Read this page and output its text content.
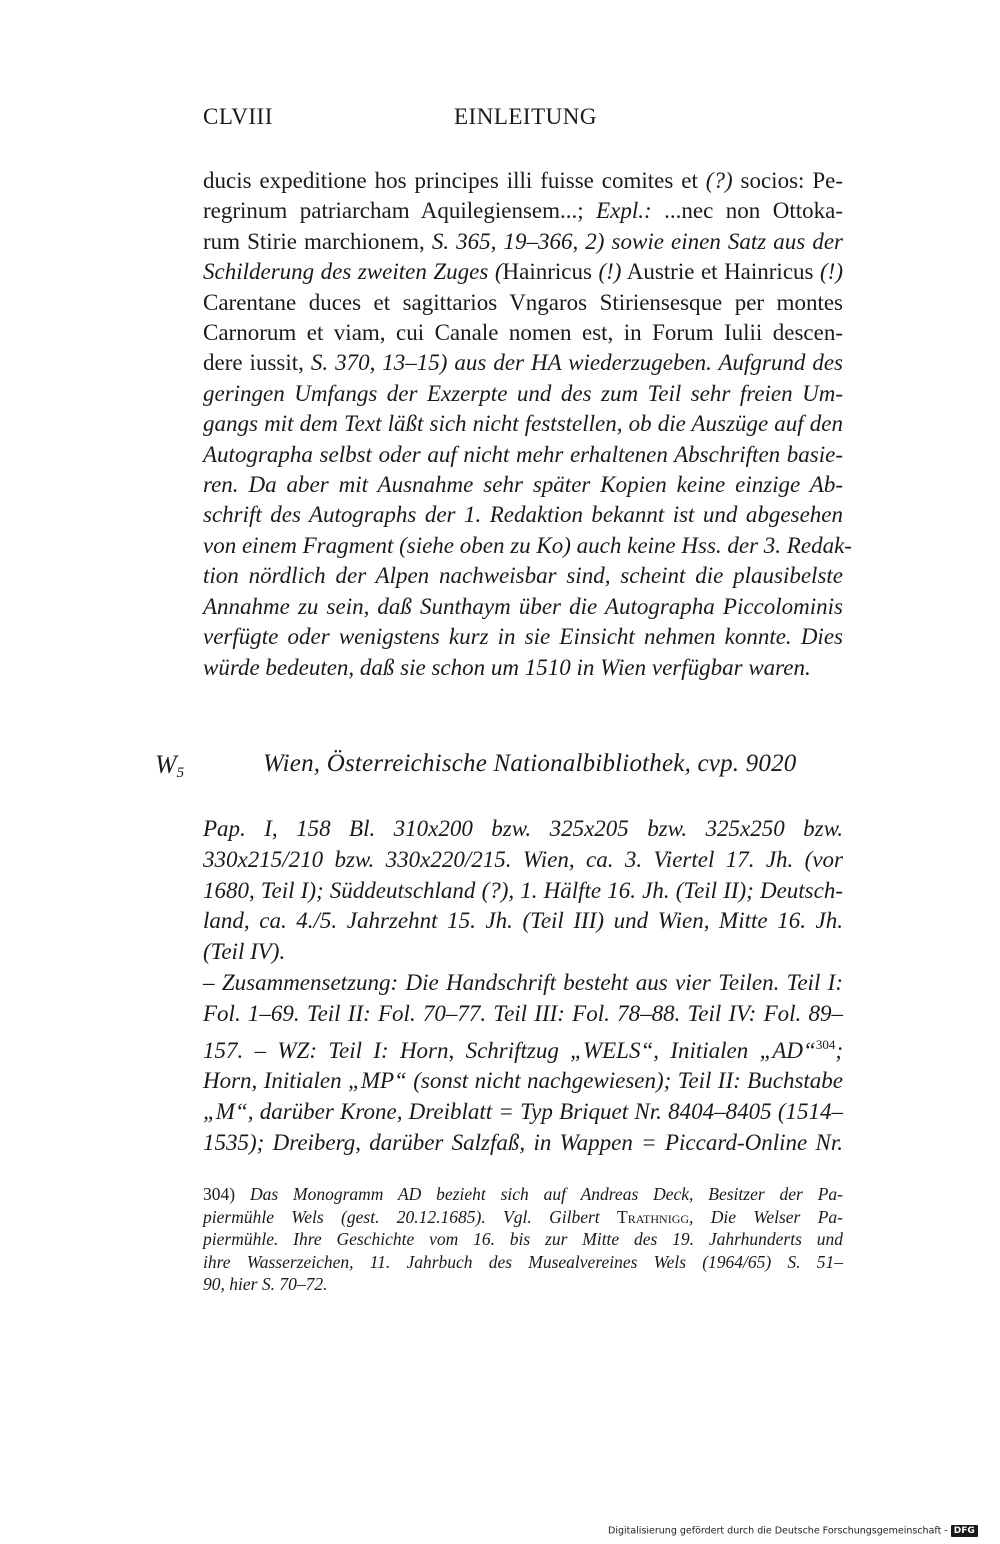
CLVIII	EINLEITUNG
ducis expeditione hos principes illi fuisse comites et (?) socios: Pe-
regrinum patriarcham Aquilegiensem...; Expl.: ...nec non Ottoka-
rum Stirie marchionem, S. 365, 19–366, 2) sowie einen Satz aus der
Schilderung des zweiten Zuges (Hainricus (!) Austrie et Hainricus (!)
Carentane duces et sagittarios Vngaros Stiriensesque per montes
Carnorum et viam, cui Canale nomen est, in Forum Iulii descen-
dere iussit, S. 370, 13–15) aus der HA wiederzugeben. Aufgrund des
geringen Umfangs der Exzerpte und des zum Teil sehr freien Um-
gangs mit dem Text läßt sich nicht feststellen, ob die Auszüge auf den
Autographa selbst oder auf nicht mehr erhaltenen Abschriften basie-
ren. Da aber mit Ausnahme sehr später Kopien keine einzige Ab-
schrift des Autographs der 1. Redaktion bekannt ist und abgesehen
von einem Fragment (siehe oben zu Ko) auch keine Hss. der 3. Redak-
tion nördlich der Alpen nachweisbar sind, scheint die plausibelste
Annahme zu sein, daß Sunthaym über die Autographa Piccolominis
verfügte oder wenigstens kurz in sie Einsicht nehmen konnte. Dies
würde bedeuten, daß sie schon um 1510 in Wien verfügbar waren.
$W_5$	Wien, Österreichische Nationalbibliothek, cvp. 9020
Pap. I, 158 Bl. 310x200 bzw. 325x205 bzw. 325x250 bzw.
330x215/210 bzw. 330x220/215. Wien, ca. 3. Viertel 17. Jh. (vor
1680, Teil I); Süddeutschland (?), 1. Hälfte 16. Jh. (Teil II); Deutsch-
land, ca. 4./5. Jahrzehnt 15. Jh. (Teil III) und Wien, Mitte 16. Jh.
(Teil IV).
– Zusammensetzung: Die Handschrift besteht aus vier Teilen. Teil I:
Fol. 1–69. Teil II: Fol. 70–77. Teil III: Fol. 78–88. Teil IV: Fol. 89–
157. – WZ: Teil I: Horn, Schriftzug „WELS“, Initialen „AD“$^{304}$;
Horn, Initialen „MP“ (sonst nicht nachgewiesen); Teil II: Buchstabe
„M“, darüber Krone, Dreiblatt = Typ Briquet Nr. 8404–8405 (1514–
1535); Dreiberg, darüber Salzfaß, in Wappen = Piccard-Online Nr.
304) Das Monogramm AD bezieht sich auf Andreas Deck, Besitzer der Pa-
piermühle Wels (gest. 20.12.1685). Vgl. Gilbert Trathnigg, Die Welser Pa-
piermühle. Ihre Geschichte vom 16. bis zur Mitte des 19. Jahrhunderts und
ihre Wasserzeichen, 11. Jahrbuch des Musealvereines Wels (1964/65) S. 51–
90, hier S. 70–72.
Digitalisierung gefördert durch die Deutsche Forschungsgemeinschaft - DFG
